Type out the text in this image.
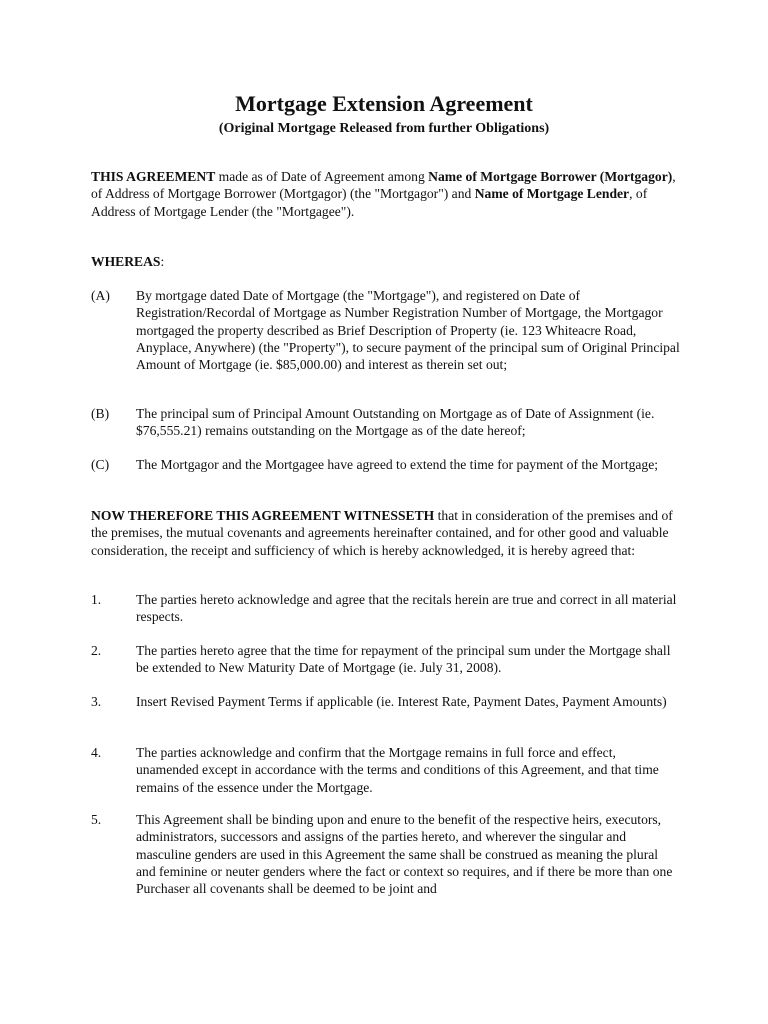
Mortgage Extension Agreement
(Original Mortgage Released from further Obligations)

THIS AGREEMENT made as of Date of Agreement among Name of Mortgage Borrower (Mortgagor), of Address of Mortgage Borrower (Mortgagor) (the "Mortgagor") and Name of Mortgage Lender, of Address of Mortgage Lender (the "Mortgagee").

WHEREAS:
(A)	By mortgage dated Date of Mortgage (the "Mortgage"), and registered on Date of Registration/Recordal of Mortgage as Number Registration Number of Mortgage, the Mortgagor mortgaged the property described as Brief Description of Property (ie. 123 Whiteacre Road, Anyplace, Anywhere) (the "Property"), to secure payment of the principal sum of Original Principal Amount of Mortgage (ie. $85,000.00) and interest as therein set out;
(B)	The principal sum of Principal Amount Outstanding on Mortgage as of Date of Assignment (ie. $76,555.21) remains outstanding on the Mortgage as of the date hereof;
(C)	The Mortgagor and the Mortgagee have agreed to extend the time for payment of the Mortgage;

NOW THEREFORE THIS AGREEMENT WITNESSETH that in consideration of the premises and of the premises, the mutual covenants and agreements hereinafter contained, and for other good and valuable consideration, the receipt and sufficiency of which is hereby acknowledged, it is hereby agreed that:

1.	The parties hereto acknowledge and agree that the recitals herein are true and correct in all material respects.
2.	The parties hereto agree that the time for repayment of the principal sum under the Mortgage shall be extended to New Maturity Date of Mortgage (ie. July 31, 2008).
3.	Insert Revised Payment Terms if applicable (ie. Interest Rate, Payment Dates, Payment Amounts)
4.	The parties acknowledge and confirm that the Mortgage remains in full force and effect, unamended except in accordance with the terms and conditions of this Agreement, and that time remains of the essence under the Mortgage.
5.	This Agreement shall be binding upon and enure to the benefit of the respective heirs, executors, administrators, successors and assigns of the parties hereto, and wherever the singular and masculine genders are used in this Agreement the same shall be construed as meaning the plural and feminine or neuter genders where the fact or context so requires, and if there be more than one Purchaser all covenants shall be deemed to be joint and
